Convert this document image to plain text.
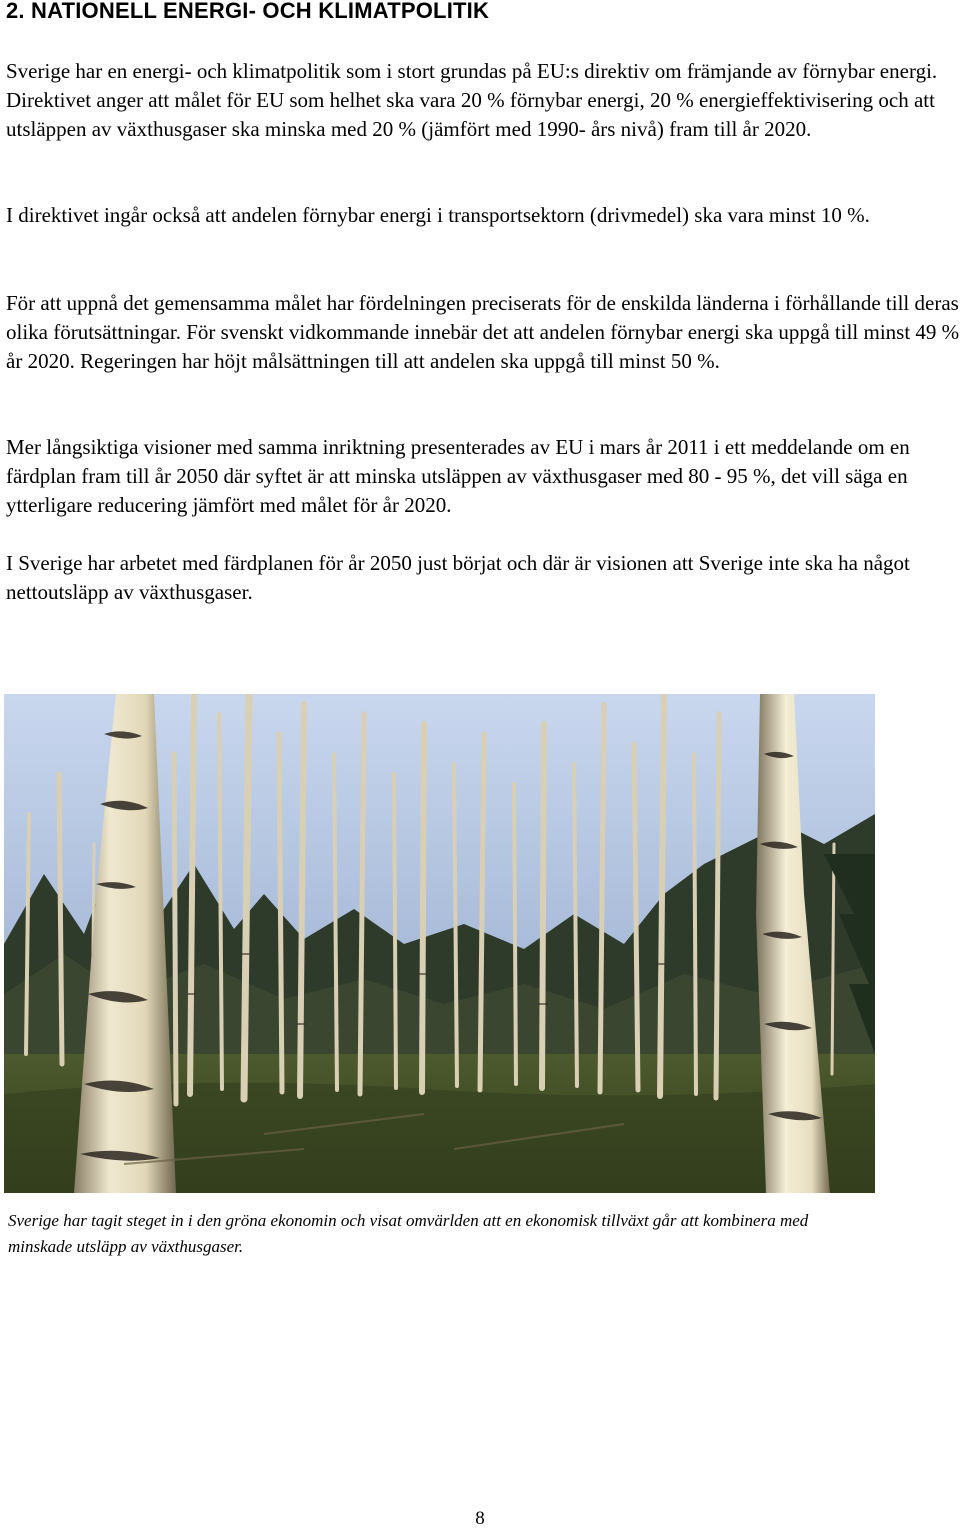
2. NATIONELL ENERGI- OCH KLIMATPOLITIK

Sverige har en energi- och klimatpolitik som i stort grundas på EU:s direktiv om främjande av förnybar energi. Direktivet anger att målet för EU som helhet ska vara 20 % förnybar energi, 20 % energieffektivisering och att utsläppen av växthusgaser ska minska med 20 % (jämfört med 1990- års nivå) fram till år 2020.

I direktivet ingår också att andelen förnybar energi i transportsektorn (drivmedel) ska vara minst 10 %.

För att uppnå det gemensamma målet har fördelningen preciserats för de enskilda länderna i förhållande till deras olika förutsättningar. För svenskt vidkommande innebär det att andelen förnybar energi ska uppgå till minst 49 % år 2020. Regeringen har höjt målsättningen till att andelen ska uppgå till minst 50 %.

Mer långsiktiga visioner med samma inriktning presenterades av EU i mars år 2011 i ett meddelande om en färdplan fram till år 2050 där syftet är att minska utsläppen av växthusgaser med 80 - 95 %, det vill säga en ytterligare reducering jämfört med målet för år 2020.

I Sverige har arbetet med färdplanen för år 2050 just börjat och där är visionen att Sverige inte ska ha något nettoutsläpp av växthusgaser.

Sverige har tagit steget in i den gröna ekonomin och visat omvärlden att en ekonomisk tillväxt går att kombinera med minskade utsläpp av växthusgaser.

8
